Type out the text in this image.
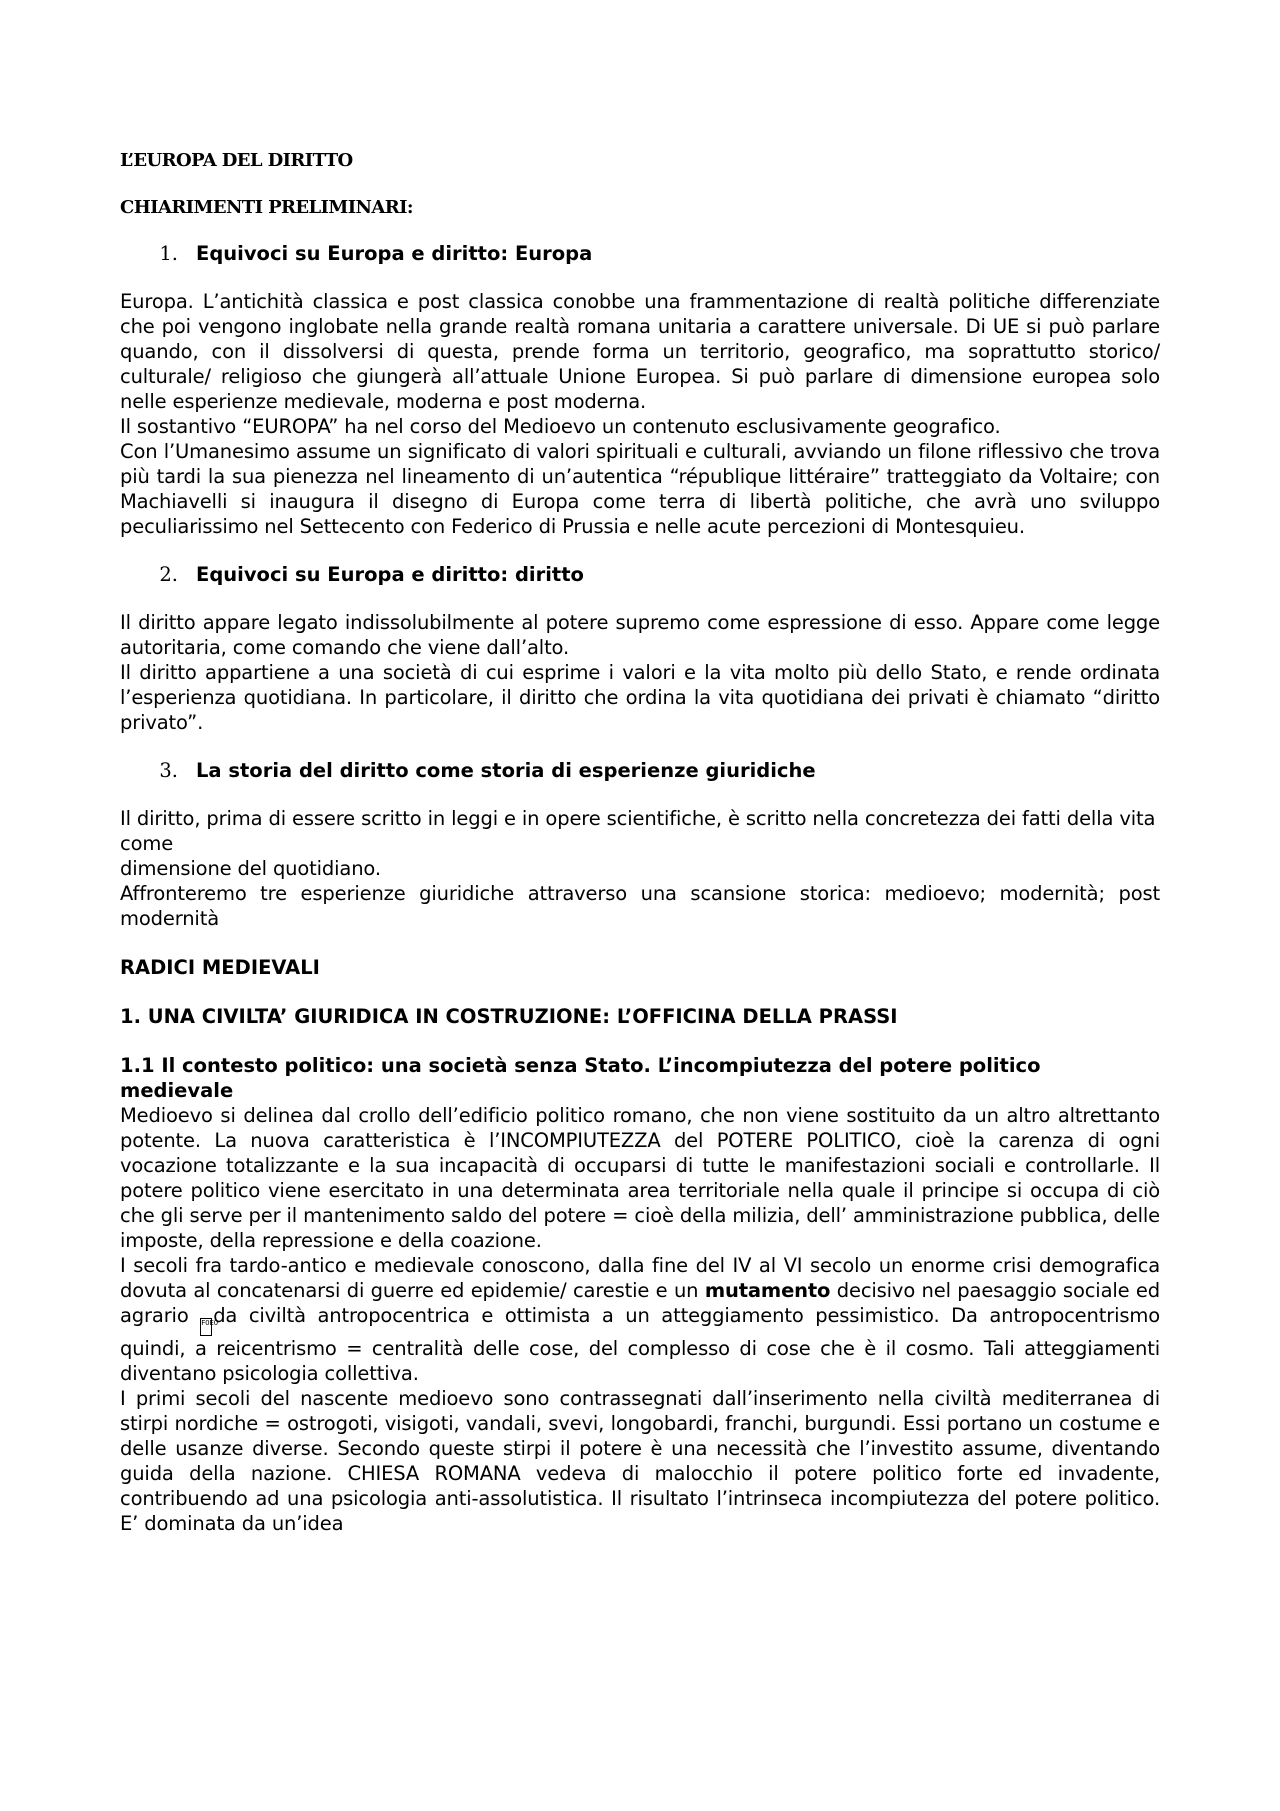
L’EUROPA DEL DIRITTO

CHIARIMENTI PRELIMINARI:

1. Equivoci su Europa e diritto: Europa

Europa. L’antichità classica e post classica conobbe una frammentazione di realtà politiche differenziate che poi vengono inglobate nella grande realtà romana unitaria a carattere universale. Di UE si può parlare quando, con il dissolversi di questa, prende forma un territorio, geografico, ma soprattutto storico/ culturale/ religioso che giungerà all’attuale Unione Europea. Si può parlare di dimensione europea solo nelle esperienze medievale, moderna e post moderna.

Il sostantivo “EUROPA” ha nel corso del Medioevo un contenuto esclusivamente geografico.

Con l’Umanesimo assume un significato di valori spirituali e culturali, avviando un filone riflessivo che trova più tardi la sua pienezza nel lineamento di un’autentica “république littéraire” tratteggiato da Voltaire; con Machiavelli si inaugura il disegno di Europa come terra di libertà politiche, che avrà uno sviluppo peculiarissimo nel Settecento con Federico di Prussia e nelle acute percezioni di Montesquieu.

2. Equivoci su Europa e diritto: diritto

Il diritto appare legato indissolubilmente al potere supremo come espressione di esso. Appare come legge autoritaria, come comando che viene dall’alto.

Il diritto appartiene a una società di cui esprime i valori e la vita molto più dello Stato, e rende ordinata l’esperienza quotidiana. In particolare, il diritto che ordina la vita quotidiana dei privati è chiamato “diritto privato”.

3. La storia del diritto come storia di esperienze giuridiche

Il diritto, prima di essere scritto in leggi e in opere scientifiche, è scritto nella concretezza dei fatti della vita come

dimensione del quotidiano.

Affronteremo tre esperienze giuridiche attraverso una scansione storica: medioevo; modernità; post modernità

RADICI MEDIEVALI

1. UNA CIVILTA’ GIURIDICA IN COSTRUZIONE: L’OFFICINA DELLA PRASSI

1.1 Il contesto politico: una società senza Stato. L’incompiutezza del potere politico medievale

Medioevo si delinea dal crollo dell’edificio politico romano, che non viene sostituito da un altro altrettanto potente. La nuova caratteristica è l’INCOMPIUTEZZA del POTERE POLITICO, cioè la carenza di ogni vocazione totalizzante e la sua incapacità di occuparsi di tutte le manifestazioni sociali e controllarle. Il potere politico viene esercitato in una determinata area territoriale nella quale il principe si occupa di ciò che gli serve per il mantenimento saldo del potere = cioè della milizia, dell’ amministrazione pubblica, delle imposte, della repressione e della coazione.

I secoli fra tardo-antico e medievale conoscono, dalla fine del IV al VI secolo un enorme crisi demografica dovuta al concatenarsi di guerre ed epidemie/ carestie e un mutamento decisivo nel paesaggio sociale ed agrario F0E0da civiltà antropocentrica e ottimista a un atteggiamento pessimistico. Da antropocentrismo quindi, a reicentrismo = centralità delle cose, del complesso di cose che è il cosmo. Tali atteggiamenti diventano psicologia collettiva.

I primi secoli del nascente medioevo sono contrassegnati dall’inserimento nella civiltà mediterranea di stirpi nordiche = ostrogoti, visigoti, vandali, svevi, longobardi, franchi, burgundi. Essi portano un costume e delle usanze diverse. Secondo queste stirpi il potere è una necessità che l’investito assume, diventando guida della nazione. CHIESA ROMANA vedeva di malocchio il potere politico forte ed invadente, contribuendo ad una psicologia anti-assolutistica. Il risultato l’intrinseca incompiutezza del potere politico. E’ dominata da un’idea
